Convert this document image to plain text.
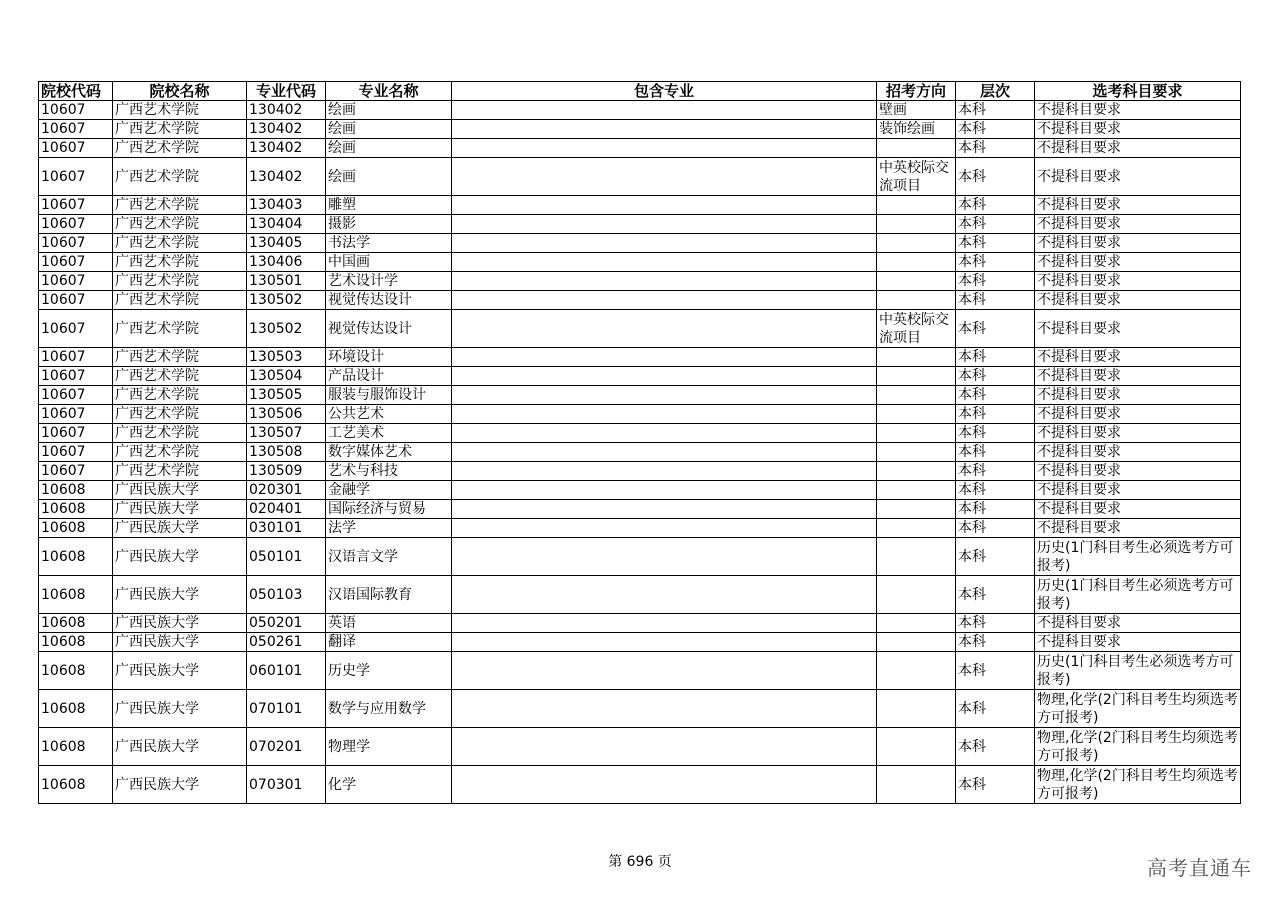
院校代码	院校名称	专业代码	专业名称	包含专业	招考方向	层次	选考科目要求
10607	广西艺术学院	130402	绘画		壁画	本科	不提科目要求
10607	广西艺术学院	130402	绘画		装饰绘画	本科	不提科目要求
10607	广西艺术学院	130402	绘画			本科	不提科目要求
10607	广西艺术学院	130402	绘画		中英校际交流项目	本科	不提科目要求
10607	广西艺术学院	130403	雕塑			本科	不提科目要求
10607	广西艺术学院	130404	摄影			本科	不提科目要求
10607	广西艺术学院	130405	书法学			本科	不提科目要求
10607	广西艺术学院	130406	中国画			本科	不提科目要求
10607	广西艺术学院	130501	艺术设计学			本科	不提科目要求
10607	广西艺术学院	130502	视觉传达设计			本科	不提科目要求
10607	广西艺术学院	130502	视觉传达设计		中英校际交流项目	本科	不提科目要求
10607	广西艺术学院	130503	环境设计			本科	不提科目要求
10607	广西艺术学院	130504	产品设计			本科	不提科目要求
10607	广西艺术学院	130505	服装与服饰设计			本科	不提科目要求
10607	广西艺术学院	130506	公共艺术			本科	不提科目要求
10607	广西艺术学院	130507	工艺美术			本科	不提科目要求
10607	广西艺术学院	130508	数字媒体艺术			本科	不提科目要求
10607	广西艺术学院	130509	艺术与科技			本科	不提科目要求
10608	广西民族大学	020301	金融学			本科	不提科目要求
10608	广西民族大学	020401	国际经济与贸易			本科	不提科目要求
10608	广西民族大学	030101	法学			本科	不提科目要求
10608	广西民族大学	050101	汉语言文学			本科	历史(1门科目考生必须选考方可报考)
10608	广西民族大学	050103	汉语国际教育			本科	历史(1门科目考生必须选考方可报考)
10608	广西民族大学	050201	英语			本科	不提科目要求
10608	广西民族大学	050261	翻译			本科	不提科目要求
10608	广西民族大学	060101	历史学			本科	历史(1门科目考生必须选考方可报考)
10608	广西民族大学	070101	数学与应用数学			本科	物理,化学(2门科目考生均须选考方可报考)
10608	广西民族大学	070201	物理学			本科	物理,化学(2门科目考生均须选考方可报考)
10608	广西民族大学	070301	化学			本科	物理,化学(2门科目考生均须选考方可报考)
第 696 页	高考直通车
